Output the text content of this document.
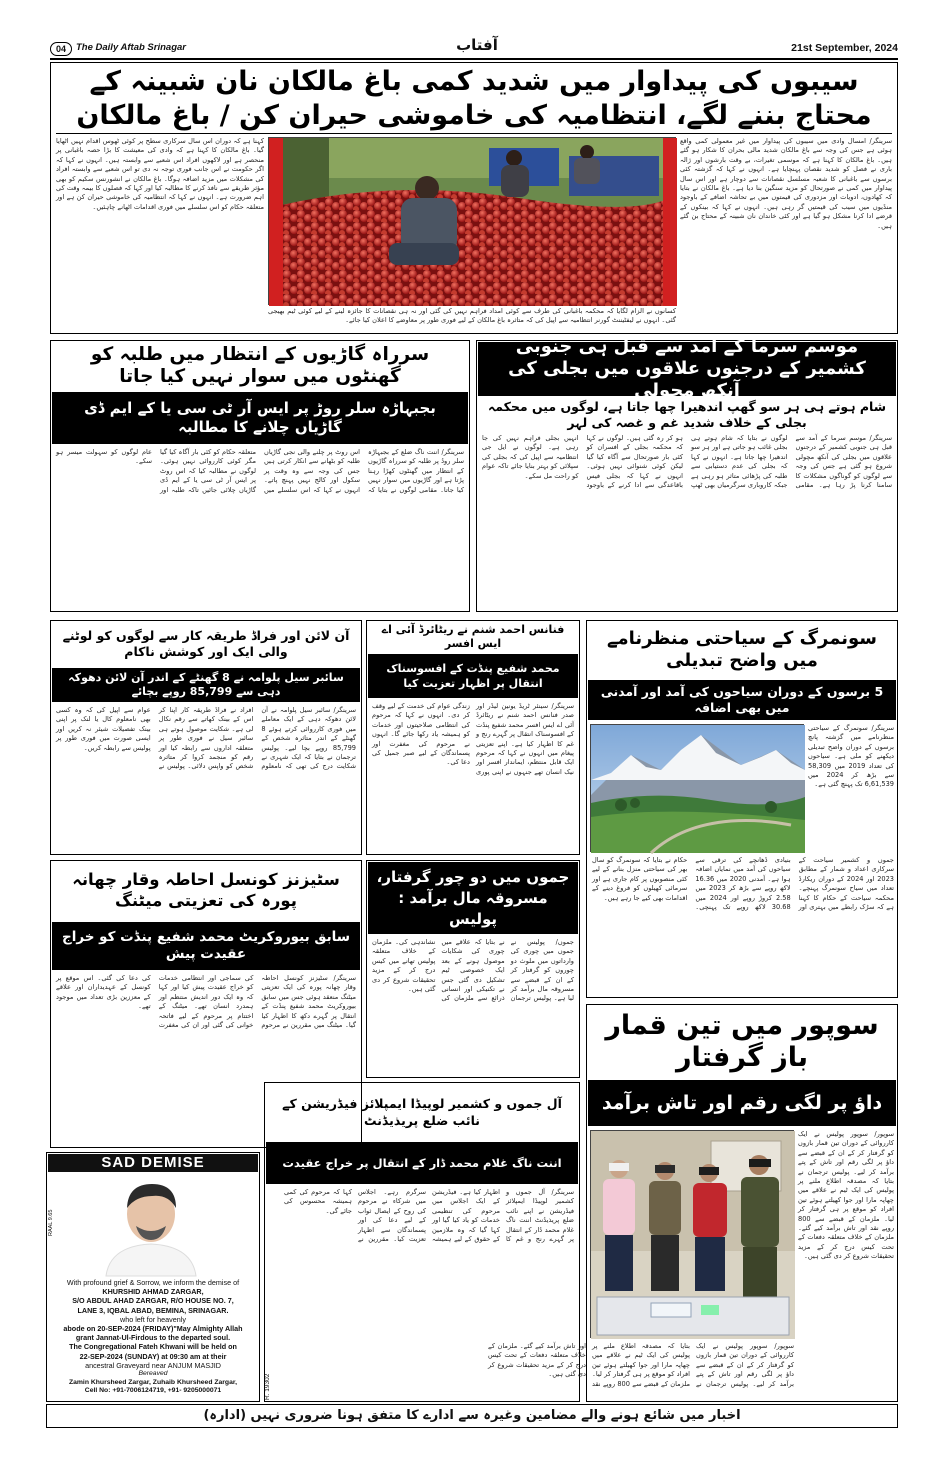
04	The Daily Aftab Srinagar	آفتاب	21st September, 2024
سیبوں کی پیداوار میں شدید کمی باغ مالکان نان شبینہ کے محتاج بننے لگے، انتظامیہ کی خاموشی حیران کن / باغ مالکان
سرینگر/ امسال وادی میں سیبوں کی پیداوار میں غیر معمولی کمی واقع ہوئی ہے جس کی وجہ سے باغ مالکان شدید مالی بحران کا شکار ہو گئے ہیں۔ باغ مالکان کا کہنا ہے کہ موسمی تغیرات، بے وقت بارشوں اور ژالہ باری نے فصل کو شدید نقصان پہنچایا ہے۔ انہوں نے کہا کہ گزشتہ کئی برسوں سے باغبانی کا شعبہ مسلسل نقصانات سے دوچار ہے اور اس سال پیداوار میں کمی نے صورتحال کو مزید سنگین بنا دیا ہے۔ باغ مالکان نے بتایا کہ کھادوں، ادویات اور مزدوری کی قیمتوں میں بے تحاشہ اضافے کے باوجود منڈیوں میں سیب کی قیمتیں گر رہی ہیں۔ انہوں نے کہا کہ بینکوں کے قرضے ادا کرنا مشکل ہو گیا ہے اور کئی خاندان نان شبینہ کے محتاج بن گئے ہیں۔
کہنا ہے کہ دوران اس سال سرکاری سطح پر کوئی ٹھوس اقدام نہیں اٹھایا گیا۔ باغ مالکان کا کہنا ہے کہ وادی کی معیشت کا بڑا حصہ باغبانی پر منحصر ہے اور لاکھوں افراد اس شعبے سے وابستہ ہیں۔ انہوں نے کہا کہ اگر حکومت نے اس جانب فوری توجہ نہ دی تو اس شعبے سے وابستہ افراد کی مشکلات میں مزید اضافہ ہوگا۔ باغ مالکان نے انشورنس سکیم کو بھی مؤثر طریقے سے نافذ کرنے کا مطالبہ کیا اور کہا کہ فصلوں کا بیمہ وقت کی اہم ضرورت ہے۔ انہوں نے کہا کہ انتظامیہ کی خاموشی حیران کن ہے اور متعلقہ حکام کو اس سلسلے میں فوری اقدامات اٹھانے چاہئیں۔
کسانوں نے الزام لگایا کہ محکمہ باغبانی کی طرف سے کوئی امداد فراہم نہیں کی گئی اور نہ ہی نقصانات کا جائزہ لینے کے لیے کوئی ٹیم بھیجی گئی۔ انہوں نے لیفٹیننٹ گورنر انتظامیہ سے اپیل کی کہ متاثرہ باغ مالکان کے لیے فوری طور پر معاوضے کا اعلان کیا جائے۔
موسم سرما کے آمد سے قبل ہی جنوبی کشمیر کے درجنوں علاقوں میں بجلی کی آنکھ مچولی
شام ہوتے ہی ہر سو گھپ اندھیرا چھا جاتا ہے، لوگوں میں محکمہ بجلی کے خلاف شدید غم و غصہ کی لہر
سرینگر/ موسم سرما کے آمد سے قبل ہی جنوبی کشمیر کے درجنوں علاقوں میں بجلی کی آنکھ مچولی شروع ہو گئی ہے جس کی وجہ سے لوگوں کو گوناگوں مشکلات کا سامنا کرنا پڑ رہا ہے۔ مقامی لوگوں نے بتایا کہ شام ہوتے ہی بجلی غائب ہو جاتی ہے اور ہر سو اندھیرا چھا جاتا ہے۔ انہوں نے کہا کہ بجلی کی عدم دستیابی سے طلبہ کی پڑھائی متاثر ہو رہی ہے جبکہ کاروباری سرگرمیاں بھی ٹھپ ہو کر رہ گئی ہیں۔ لوگوں نے کہا کہ محکمہ بجلی کے افسران کو کئی بار صورتحال سے آگاہ کیا گیا لیکن کوئی شنوائی نہیں ہوئی۔ انہوں نے کہا کہ بجلی فیس باقاعدگی سے ادا کرنے کے باوجود انہیں بجلی فراہم نہیں کی جا رہی ہے۔ لوگوں نے ایل جی انتظامیہ سے اپیل کی کہ بجلی کی سپلائی کو بہتر بنایا جائے تاکہ عوام کو راحت مل سکے۔
سرراہ گاڑیوں کے انتظار میں طلبہ کو گھنٹوں میں سوار نہیں کیا جاتا
بجبہاڑہ سلر روڑ پر ایس آر ٹی سی یا کے ایم ڈی گاڑیاں چلانے کا مطالبہ
سرینگر/ اننت ناگ ضلع کے بجبہاڑہ سلر روڈ پر طلبہ کو سرراہ گاڑیوں کے انتظار میں گھنٹوں کھڑا رہنا پڑتا ہے اور گاڑیوں میں سوار نہیں کیا جاتا۔ مقامی لوگوں نے بتایا کہ اس روٹ پر چلنے والی نجی گاڑیاں طلبہ کو بٹھانے سے انکار کرتی ہیں جس کی وجہ سے وہ وقت پر سکول اور کالج نہیں پہنچ پاتے۔ انہوں نے کہا کہ اس سلسلے میں متعلقہ حکام کو کئی بار آگاہ کیا گیا مگر کوئی کارروائی نہیں ہوئی۔ لوگوں نے مطالبہ کیا کہ اس روٹ پر ایس آر ٹی سی یا کے ایم ڈی گاڑیاں چلائی جائیں تاکہ طلبہ اور عام لوگوں کو سہولت میسر ہو سکے۔
آن لائن اور فراڈ طریقہ کار سے لوگوں کو لوٹنے والی ایک اور کوشش ناکام
سائبر سیل پلوامہ نے 8 گھنٹے کے اندر آن لائن دھوکہ دہی سے 85,799 روپے بچائے
سرینگر/ سائبر سیل پلوامہ نے آن لائن دھوکہ دہی کے ایک معاملے میں فوری کارروائی کرتے ہوئے 8 گھنٹے کے اندر متاثرہ شخص کے 85,799 روپے بچا لیے۔ پولیس ترجمان نے بتایا کہ ایک شہری نے شکایت درج کی تھی کہ نامعلوم افراد نے فراڈ طریقہ کار اپنا کر اس کے بینک کھاتے سے رقم نکال لی ہے۔ شکایت موصول ہوتے ہی سائبر سیل نے فوری طور پر متعلقہ اداروں سے رابطہ کیا اور رقم کو منجمد کروا کر متاثرہ شخص کو واپس دلائی۔ پولیس نے عوام سے اپیل کی کہ وہ کسی بھی نامعلوم کال یا لنک پر اپنی بینک تفصیلات شیئر نہ کریں اور ایسی صورت میں فوری طور پر پولیس سے رابطہ کریں۔
فنانس احمد شنم نے ریٹائرڈ آئی اے ایس افسر
محمد شفیع پنڈت کے افسوسناک انتقال پر اظہار تعزیت کیا
سرینگر/ سینئر ٹریڈ یونین لیڈر اور صدر فنانس احمد شنم نے ریٹائرڈ آئی اے ایس افسر محمد شفیع پنڈت کے افسوسناک انتقال پر گہرے رنج و غم کا اظہار کیا ہے۔ اپنے تعزیتی پیغام میں انہوں نے کہا کہ مرحوم ایک قابل منتظم، ایماندار افسر اور نیک انسان تھے جنہوں نے اپنی پوری زندگی عوام کی خدمت کے لیے وقف کر دی۔ انہوں نے کہا کہ مرحوم کی انتظامی صلاحیتوں اور خدمات کو ہمیشہ یاد رکھا جائے گا۔ انہوں نے مرحوم کی مغفرت اور پسماندگان کے لیے صبر جمیل کی دعا کی۔
سونمرگ کے سیاحتی منظرنامے میں واضح تبدیلی
5 برسوں کے دوران سیاحوں کی آمد اور آمدنی میں بھی اضافہ
سرینگر/ سونمرگ کے سیاحتی منظرنامے میں گزشتہ پانچ برسوں کے دوران واضح تبدیلی دیکھنے کو ملی ہے۔ سیاحوں کی تعداد 2019 میں 58,309 سے بڑھ کر 2024 میں 6,61,539 تک پہنچ گئی ہے۔
جموں و کشمیر سیاحت کے سرکاری اعداد و شمار کے مطابق 2023 اور 2024 کے دوران ریکارڈ تعداد میں سیاح سونمرگ پہنچے۔ محکمہ سیاحت کے حکام کا کہنا ہے کہ سڑک رابطے میں بہتری اور بنیادی ڈھانچے کی ترقی سے سیاحوں کی آمد میں نمایاں اضافہ ہوا ہے۔ آمدنی 2020 میں 16.36 لاکھ روپے سے بڑھ کر 2023 میں 2.58 کروڑ روپے اور 2024 میں 30.68 لاکھ روپے تک پہنچی۔ حکام نے بتایا کہ سونمرگ کو سال بھر کی سیاحتی منزل بنانے کے لیے کئی منصوبوں پر کام جاری ہے اور سرمائی کھیلوں کو فروغ دینے کے اقدامات بھی کیے جا رہے ہیں۔
سٹیزنز کونسل احاطہ وقار چھانہ پورہ کی تعزیتی میٹنگ
سابق بیوروکریٹ محمد شفیع پنڈت کو خراج عقیدت پیش
سرینگر/ سٹیزنز کونسل احاطہ وقار چھانہ پورہ کی ایک تعزیتی میٹنگ منعقد ہوئی جس میں سابق بیوروکریٹ محمد شفیع پنڈت کے انتقال پر گہرے دکھ کا اظہار کیا گیا۔ میٹنگ میں مقررین نے مرحوم کی سماجی اور انتظامی خدمات کو خراج عقیدت پیش کیا اور کہا کہ وہ ایک دور اندیش منتظم اور ہمدرد انسان تھے۔ میٹنگ کے اختتام پر مرحوم کے لیے فاتحہ خوانی کی گئی اور ان کی مغفرت کی دعا کی گئی۔ اس موقع پر کونسل کے عہدیداران اور علاقے کے معززین بڑی تعداد میں موجود تھے۔
جموں میں دو چور گرفتار، مسروقہ مال برآمد : پولیس
جموں/ پولیس نے جموں میں چوری کی وارداتوں میں ملوث دو چوروں کو گرفتار کر کے ان کے قبضے سے مسروقہ مال برآمد کر لیا ہے۔ پولیس ترجمان نے بتایا کہ علاقے میں چوری کی شکایات موصول ہونے کے بعد ایک خصوصی ٹیم تشکیل دی گئی جس نے تکنیکی اور انسانی ذرائع سے ملزمان کی نشاندہی کی۔ ملزمان کے خلاف متعلقہ پولیس تھانے میں کیس درج کر کے مزید تحقیقات شروع کر دی گئی ہیں۔
آل جموں و کشمیر لوپیڈا ایمپلائز فیڈریشن کے نائب ضلع پریذیڈنٹ
اننت ناگ غلام محمد ڈار کے انتقال پر خراج عقیدت
سرینگر/ آل جموں و کشمیر لوپیڈا ایمپلائز فیڈریشن نے اپنے نائب ضلع پریذیڈنٹ اننت ناگ غلام محمد ڈار کے انتقال پر گہرے رنج و غم کا اظہار کیا ہے۔ فیڈریشن کے ایک اجلاس میں مرحوم کی تنظیمی خدمات کو یاد کیا گیا اور کہا گیا کہ وہ ملازمین کے حقوق کے لیے ہمیشہ سرگرم رہے۔ اجلاس میں شرکاء نے مرحوم کی روح کے ایصال ثواب کے لیے دعا کی اور پسماندگان سے اظہار تعزیت کیا۔ مقررین نے کہا کہ مرحوم کی کمی ہمیشہ محسوس کی جائے گی۔
R. 19302
سوپور میں تین قمار باز گرفتار
داؤ پر لگی رقم اور تاش برآمد
سوپور/ سوپور پولیس نے ایک کارروائی کے دوران تین قمار بازوں کو گرفتار کر کے ان کے قبضے سے داؤ پر لگی رقم اور تاش کے پتے برآمد کر لیے۔ پولیس ترجمان نے بتایا کہ مصدقہ اطلاع ملنے پر پولیس کی ایک ٹیم نے علاقے میں چھاپہ مارا اور جوا کھیلتے ہوئے تین افراد کو موقع پر ہی گرفتار کر لیا۔ ملزمان کے قبضے سے 800 روپے نقد اور تاش برآمد کیے گئے۔ ملزمان کے خلاف متعلقہ دفعات کے تحت کیس درج کر کے مزید تحقیقات شروع کر دی گئی ہیں۔
سوپور/ سوپور پولیس نے ایک کارروائی کے دوران تین قمار بازوں کو گرفتار کر کے ان کے قبضے سے داؤ پر لگی رقم اور تاش کے پتے برآمد کر لیے۔ پولیس ترجمان نے بتایا کہ مصدقہ اطلاع ملنے پر پولیس کی ایک ٹیم نے علاقے میں چھاپہ مارا اور جوا کھیلتے ہوئے تین افراد کو موقع پر ہی گرفتار کر لیا۔ ملزمان کے قبضے سے 800 روپے نقد اور تاش برآمد کیے گئے۔ ملزمان کے خلاف متعلقہ دفعات کے تحت کیس درج کر کے مزید تحقیقات شروع کر دی گئی ہیں۔
SAD DEMISE
RAAL 9.65
With profound grief & Sorrow, we inform the demise of
KHURSHID AHMAD ZARGAR,
S/O ABDUL AHAD ZARGAR, R/O HOUSE NO. 7,
LANE 3, IQBAL ABAD, BEMINA, SRINAGAR.
who left for heavenly
abode on 20-SEP-2024 (FRIDAY)"May Almighty Allah
grant Jannat-Ul-Firdous to the departed soul.
The Congregational Fateh Khwani will be held on
22-SEP-2024 (SUNDAY) at 09:30 am at their
ancestral Graveyard near ANJUM MASJID
Bereaved
Zamin Khursheed Zargar, Zuhaib Khursheed Zargar,
Cell No: +91-7006124719, +91- 9205000071
اخبار میں شائع ہونے والے مضامین وغیرہ سے ادارے کا متفق ہونا ضروری نہیں (ادارہ)
